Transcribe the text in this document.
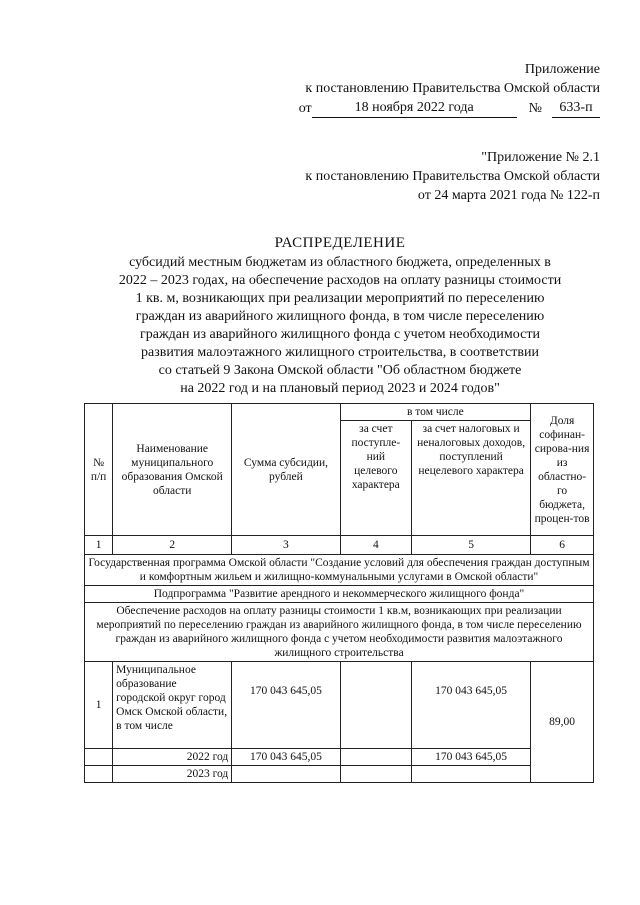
Приложение
к постановлению Правительства Омской области
от	18 ноября 2022 года	№	633-п
"Приложение № 2.1
к постановлению Правительства Омской области
от 24 марта 2021 года № 122-п
РАСПРЕДЕЛЕНИЕ
субсидий местным бюджетам из областного бюджета, определенных в
2022 – 2023 годах, на обеспечение расходов на оплату разницы стоимости
1 кв. м, возникающих при реализации мероприятий по переселению
граждан из аварийного жилищного фонда, в том числе переселению
граждан из аварийного жилищного фонда с учетом необходимости
развития малоэтажного жилищного строительства, в соответствии
со статьей 9 Закона Омской области "Об областном бюджете
на 2022 год и на плановый период 2023 и 2024 годов"
№ п/п	Наименование муниципального образования Омской области	Сумма субсидии, рублей	в том числе		Доля софинан-сирова-ния из областно-го бюджета, процен-тов
			за счет поступле-ний целевого характера	за счет налоговых и неналоговых доходов, поступлений нецелевого характера	
1	2	3	4	5	6
Государственная программа Омской области "Создание условий для обеспечения граждан доступным и комфортным жильем и жилищно-коммунальными услугами в Омской области"					
Подпрограмма "Развитие арендного и некоммерческого жилищного фонда"					
Обеспечение расходов на оплату разницы стоимости 1 кв.м, возникающих при реализации мероприятий по переселению граждан из аварийного жилищного фонда, в том числе переселению граждан из аварийного жилищного фонда с учетом необходимости развития малоэтажного жилищного строительства					
1	Муниципальное образование городской округ город Омск Омской области, в том числе	170 043 645,05		170 043 645,05	89,00
	2022 год	170 043 645,05		170 043 645,05	
	2023 год				
